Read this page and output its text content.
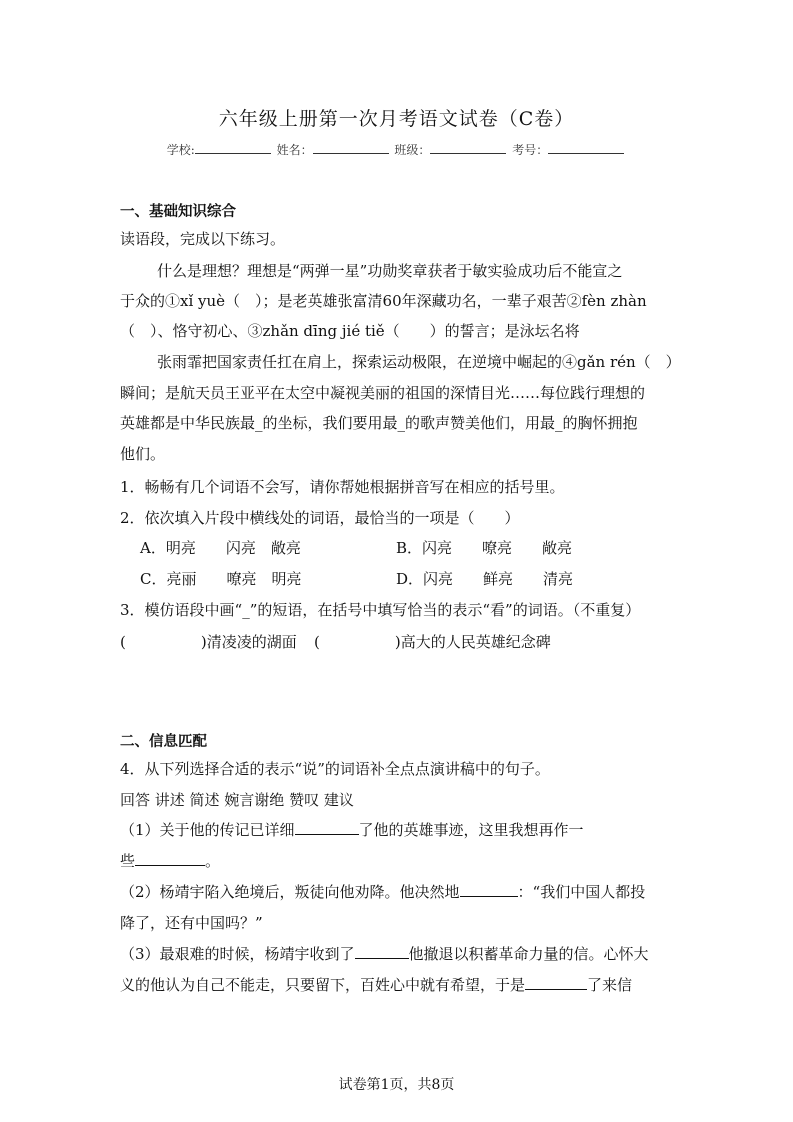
六年级上册第一次月考语文试卷（C卷）
学校:	姓名：	班级：	考号：
一、基础知识综合
读语段，完成以下练习。
什么是理想？理想是“两弹一星”功勋奖章获者于敏实验成功后不能宣之
于众的①xǐ yuè（　）；是老英雄张富清60年深藏功名，一辈子艰苦②fèn zhàn
（　）、恪守初心、③zhǎn dīng jié tiě（　　）的誓言；是泳坛名将
张雨霏把国家责任扛在肩上，探索运动极限，在逆境中崛起的④gǎn rén（　）
瞬间；是航天员王亚平在太空中凝视美丽的祖国的深情目光……每位践行理想的
英雄都是中华民族最_的坐标，我们要用最_的歌声赞美他们，用最_的胸怀拥抱
他们。
1．畅畅有几个词语不会写，请你帮她根据拼音写在相应的括号里。
2．依次填入片段中横线处的词语，最恰当的一项是（　　）
A．明亮　　闪亮　敞亮	B．闪亮　　嘹亮　　敞亮
C．亮丽　　嘹亮　明亮	D．闪亮　　鲜亮　　清亮
3．模仿语段中画“_”的短语，在括号中填写恰当的表示“看”的词语。（不重复）
(　　　　　)清凌凌的湖面 (　　　　　)高大的人民英雄纪念碑
二、信息匹配
4．从下列选择合适的表示“说”的词语补全点点演讲稿中的句子。
回答 讲述 简述 婉言谢绝 赞叹 建议
（1）关于他的传记已详细	了他的英雄事迹，这里我想再作一
些	。
（2）杨靖宇陷入绝境后，叛徒向他劝降。他决然地	：“我们中国人都投
降了，还有中国吗？”
（3）最艰难的时候，杨靖宇收到了	他撤退以积蓄革命力量的信。心怀大
义的他认为自己不能走，只要留下，百姓心中就有希望，于是	了来信
试卷第1页，共8页
